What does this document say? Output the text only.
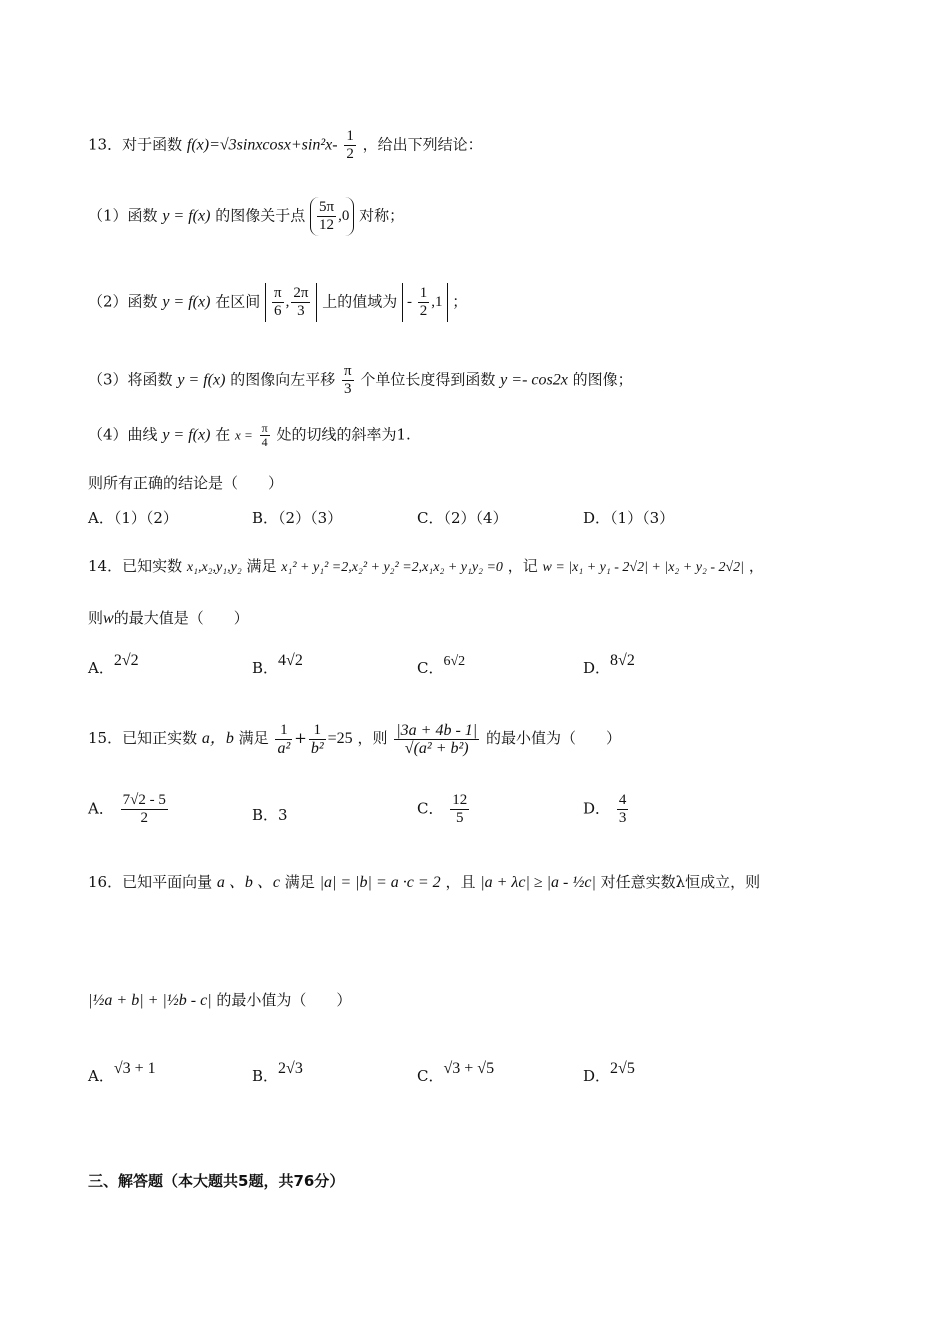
13．对于函数 f(x)=√3sinxcosx+sin²x- $\frac{1}{2}$ ，给出下列结论：
（1）函数 y = f(x) 的图像关于点 $\frac{5\pi}{12} ,0$ 对称；
（2）函数 y = f(x) 在区间 $\frac{\pi}{6}$ , $\frac{2\pi}{3}$ 上的值域为 - $\frac{1}{2} ,1$ ；
（3）将函数 y = f(x) 的图像向左平移 $\frac{\pi}{3}$ 个单位长度得到函数 y =- cos2x 的图像；
（4）曲线 y = f(x) 在 $x = \frac{\pi}{4}$ 处的切线的斜率为1.
则所有正确的结论是（　　）
A．（1）（2）	B．（2）（3）	C．（2）（4）	D．（1）（3）
14．已知实数 x₁,x₂,y₁,y₂ 满足 x₁² + y₁² =2,x₂² + y₂² =2,x₁x₂ + y₁y₂ =0 ，记 w = |x₁ + y₁ - 2√2| + |x₂ + y₂ - 2√2| ，
则w的最大值是（　　）
A．2√2	B．4√2	C．6√2	D．8√2
15．已知正实数 a，b 满足 $\frac{1}{\text{a²}} + \frac{1}{\text{b²}} =25$ ，则 $\frac{|3a + 4b - 1|}{\text{√(a² + b²)}}$ 的最小值为（　　）
A． $\frac{7√2 - 5}{2}$	B．3	C． $\frac{12}{5}$	D． $\frac{4}{3}$
16．已知平面向量 a 、b 、c 满足 |a| = |b| = a ·c = 2 ，且 |a + λc| ≥ |a - ½c| 对任意实数λ恒成立，则
|½a + b| + |½b - c| 的最小值为（　　）
A．√3 + 1	B．2√3	C．√3 + √5	D．2√5
三、解答题（本大题共5题，共76分）
